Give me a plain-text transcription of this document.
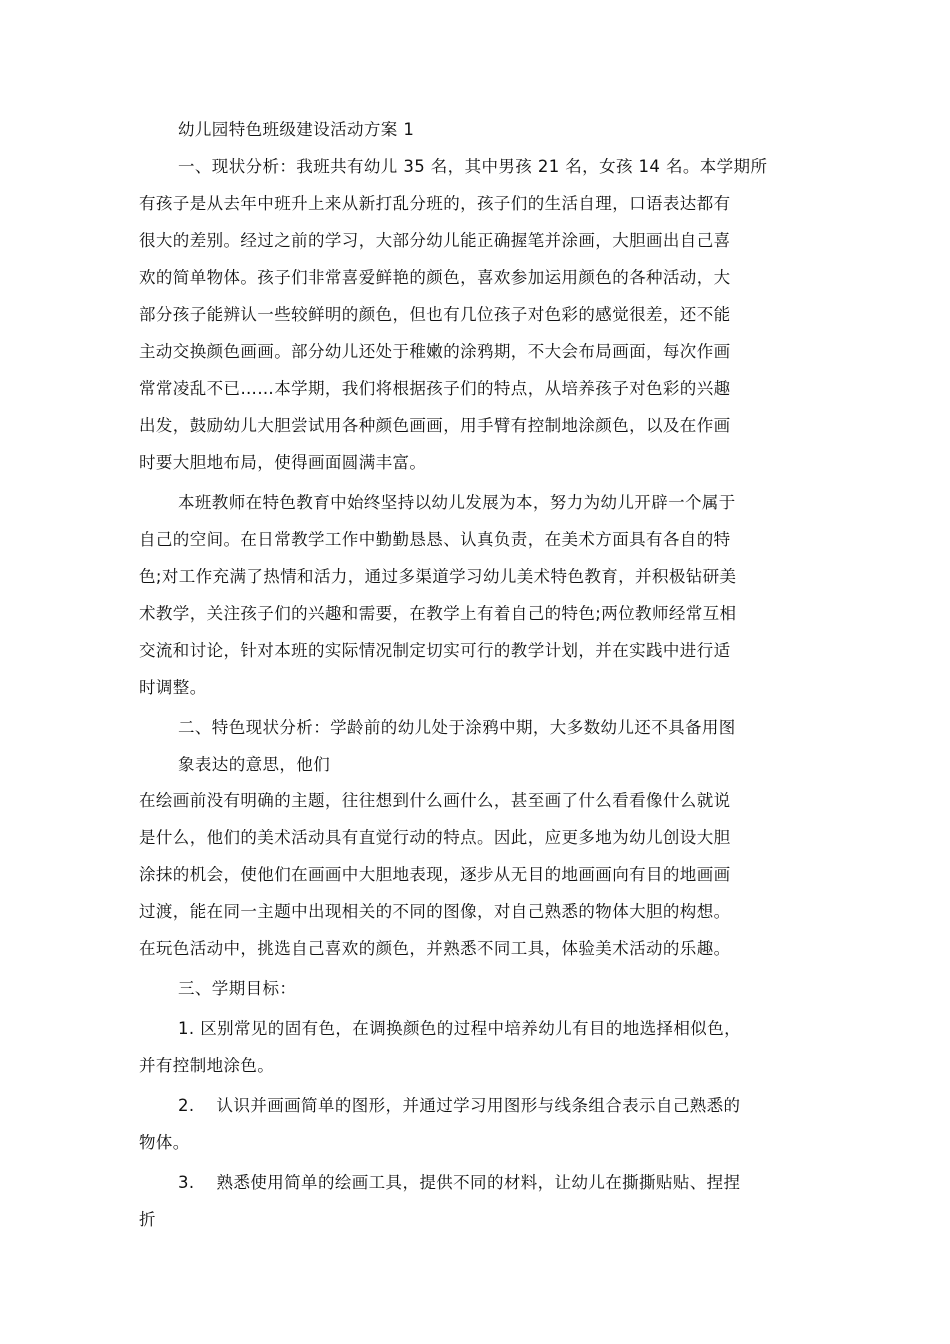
幼儿园特色班级建设活动方案 1
一、现状分析：我班共有幼儿 35 名，其中男孩 21 名，女孩 14 名。本学期所
有孩子是从去年中班升上来从新打乱分班的，孩子们的生活自理，口语表达都有
很大的差别。经过之前的学习，大部分幼儿能正确握笔并涂画，大胆画出自己喜
欢的简单物体。孩子们非常喜爱鲜艳的颜色，喜欢参加运用颜色的各种活动，大
部分孩子能辨认一些较鲜明的颜色，但也有几位孩子对色彩的感觉很差，还不能
主动交换颜色画画。部分幼儿还处于稚嫩的涂鸦期，不大会布局画面，每次作画
常常凌乱不已……本学期，我们将根据孩子们的特点，从培养孩子对色彩的兴趣
出发，鼓励幼儿大胆尝试用各种颜色画画，用手臂有控制地涂颜色，以及在作画
时要大胆地布局，使得画面圆满丰富。
本班教师在特色教育中始终坚持以幼儿发展为本，努力为幼儿开辟一个属于
自己的空间。在日常教学工作中勤勤恳恳、认真负责，在美术方面具有各自的特
色;对工作充满了热情和活力，通过多渠道学习幼儿美术特色教育，并积极钻研美
术教学，关注孩子们的兴趣和需要，在教学上有着自己的特色;两位教师经常互相
交流和讨论，针对本班的实际情况制定切实可行的教学计划，并在实践中进行适
时调整。
二、特色现状分析：学龄前的幼儿处于涂鸦中期，大多数幼儿还不具备用图
象表达的意思，他们
在绘画前没有明确的主题，往往想到什么画什么，甚至画了什么看看像什么就说
是什么，他们的美术活动具有直觉行动的特点。因此，应更多地为幼儿创设大胆
涂抹的机会，使他们在画画中大胆地表现，逐步从无目的地画画向有目的地画画
过渡，能在同一主题中出现相关的不同的图像，对自己熟悉的物体大胆的构想。
在玩色活动中，挑选自己喜欢的颜色，并熟悉不同工具，体验美术活动的乐趣。
三、学期目标：
1. 区别常见的固有色，在调换颜色的过程中培养幼儿有目的地选择相似色，
并有控制地涂色。
2. 认识并画画简单的图形，并通过学习用图形与线条组合表示自己熟悉的
物体。
3. 熟悉使用简单的绘画工具，提供不同的材料，让幼儿在撕撕贴贴、捏捏
折
